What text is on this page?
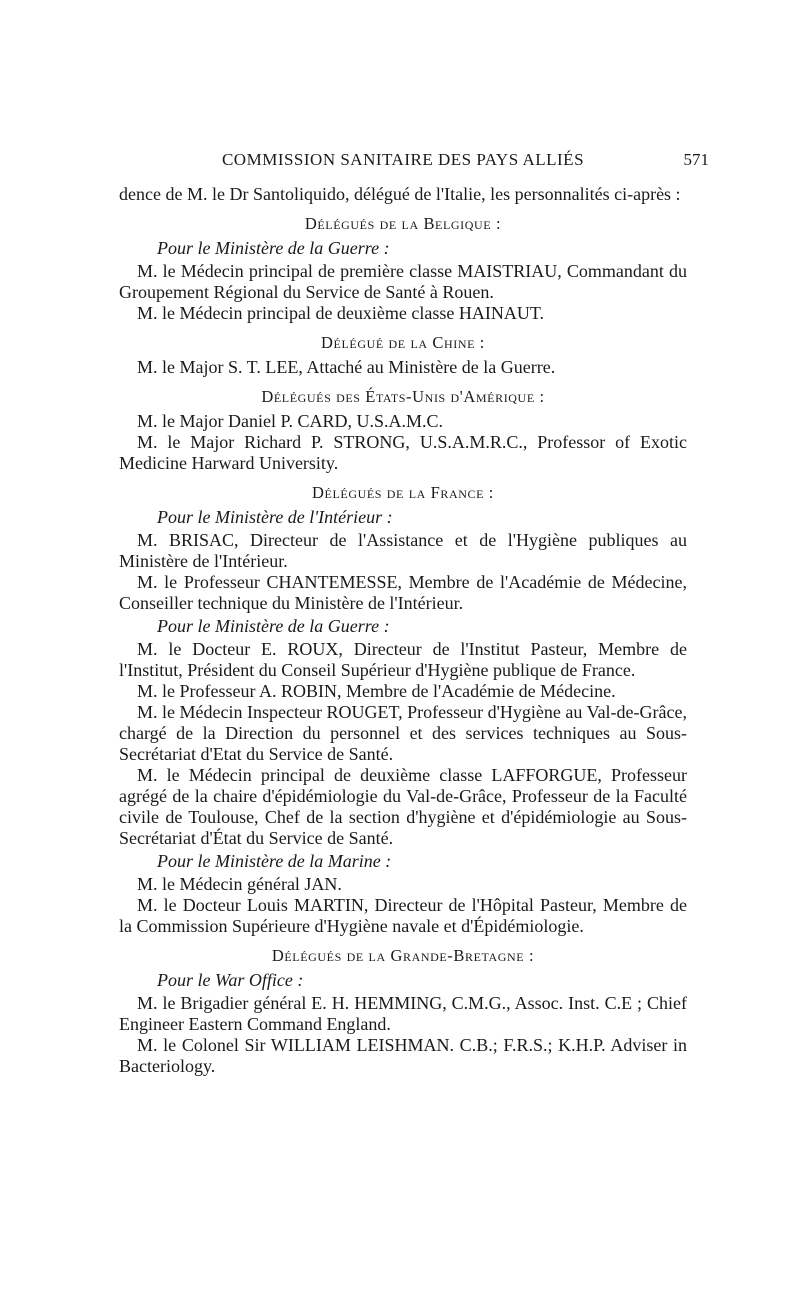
COMMISSION SANITAIRE DES PAYS ALLIÉS	571

dence de M. le Dr Santoliquido, délégué de l'Italie, les personnalités ci-après :

Délégués de la Belgique :
Pour le Ministère de la Guerre :

M. le Médecin principal de première classe MAISTRIAU, Commandant du Groupement Régional du Service de Santé à Rouen.

M. le Médecin principal de deuxième classe HAINAUT.

Délégué de la Chine :

M. le Major S. T. LEE, Attaché au Ministère de la Guerre.

Délégués des États-Unis d'Amérique :

M. le Major Daniel P. CARD, U.S.A.M.C.

M. le Major Richard P. STRONG, U.S.A.M.R.C., Professor of Exotic Medicine Harward University.

Délégués de la France :
Pour le Ministère de l'Intérieur :

M. BRISAC, Directeur de l'Assistance et de l'Hygiène publiques au Ministère de l'Intérieur.

M. le Professeur CHANTEMESSE, Membre de l'Académie de Médecine, Conseiller technique du Ministère de l'Intérieur.

Pour le Ministère de la Guerre :

M. le Docteur E. ROUX, Directeur de l'Institut Pasteur, Membre de l'Institut, Président du Conseil Supérieur d'Hygiène publique de France.

M. le Professeur A. ROBIN, Membre de l'Académie de Médecine.

M. le Médecin Inspecteur ROUGET, Professeur d'Hygiène au Val-de-Grâce, chargé de la Direction du personnel et des services techniques au Sous-Secrétariat d'Etat du Service de Santé.

M. le Médecin principal de deuxième classe LAFFORGUE, Professeur agrégé de la chaire d'épidémiologie du Val-de-Grâce, Professeur de la Faculté civile de Toulouse, Chef de la section d'hygiène et d'épidémiologie au Sous-Secrétariat d'État du Service de Santé.

Pour le Ministère de la Marine :

M. le Médecin général JAN.

M. le Docteur Louis MARTIN, Directeur de l'Hôpital Pasteur, Membre de la Commission Supérieure d'Hygiène navale et d'Épidémiologie.

Délégués de la Grande-Bretagne :
Pour le War Office :

M. le Brigadier général E. H. HEMMING, C.M.G., Assoc. Inst. C.E ; Chief Engineer Eastern Command England.

M. le Colonel Sir WILLIAM LEISHMAN. C.B.; F.R.S.; K.H.P. Adviser in Bacteriology.
